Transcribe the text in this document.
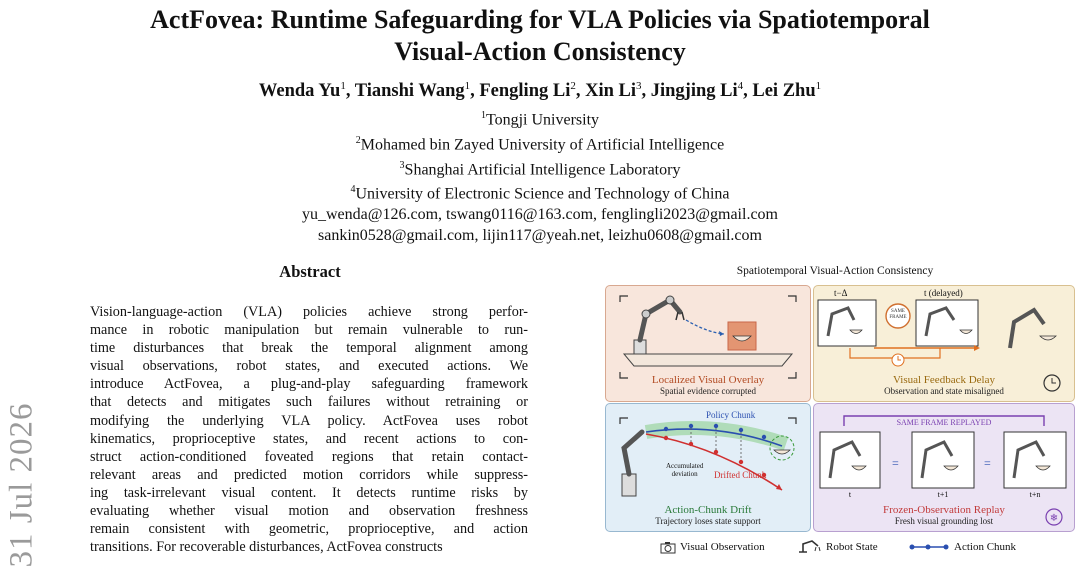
31 Jul 2026
ActFovea: Runtime Safeguarding for VLA Policies via Spatiotemporal
Visual-Action Consistency
Wenda Yu$^1$, Tianshi Wang$^1$, Fengling Li$^2$, Xin Li$^3$, Jingjing Li$^4$, Lei Zhu$^1$
$^1$Tongji University
$^2$Mohamed bin Zayed University of Artificial Intelligence
$^3$Shanghai Artificial Intelligence Laboratory
$^4$University of Electronic Science and Technology of China
yu_wenda@126.com, tswang0116@163.com, fenglingli2023@gmail.com
sankin0528@gmail.com, lijin117@yeah.net, leizhu0608@gmail.com
Abstract
Vision-language-action (VLA) policies achieve strong perfor-
mance in robotic manipulation but remain vulnerable to run-
time disturbances that break the temporal alignment among
visual observations, robot states, and executed actions. We
introduce ActFovea, a plug-and-play safeguarding framework
that detects and mitigates such failures without retraining or
modifying the underlying VLA policy. ActFovea uses robot
kinematics, proprioceptive states, and recent actions to con-
struct action-conditioned foveated regions that retain contact-
relevant areas and predicted motion corridors while suppress-
ing task-irrelevant visual content. It detects runtime risks by
evaluating whether visual motion and observation freshness
remain consistent with geometric, proprioceptive, and action
transitions. For recoverable disturbances, ActFovea constructs
Spatiotemporal Visual-Action Consistency
Localized Visual Overlay
Spatial evidence corrupted
t−Δ	t (delayed)
SAME
FRAME
Visual Feedback Delay
Observation and state misaligned
Policy Chunk
Accumulated
deviation	Drifted Chunk
Action-Chunk Drift
Trajectory loses state support	❄
SAME FRAME REPLAYED
=	=
t	t+1	t+n
Frozen-Observation Replay
Fresh visual grounding lost
Visual Observation	Robot State	Action Chunk
